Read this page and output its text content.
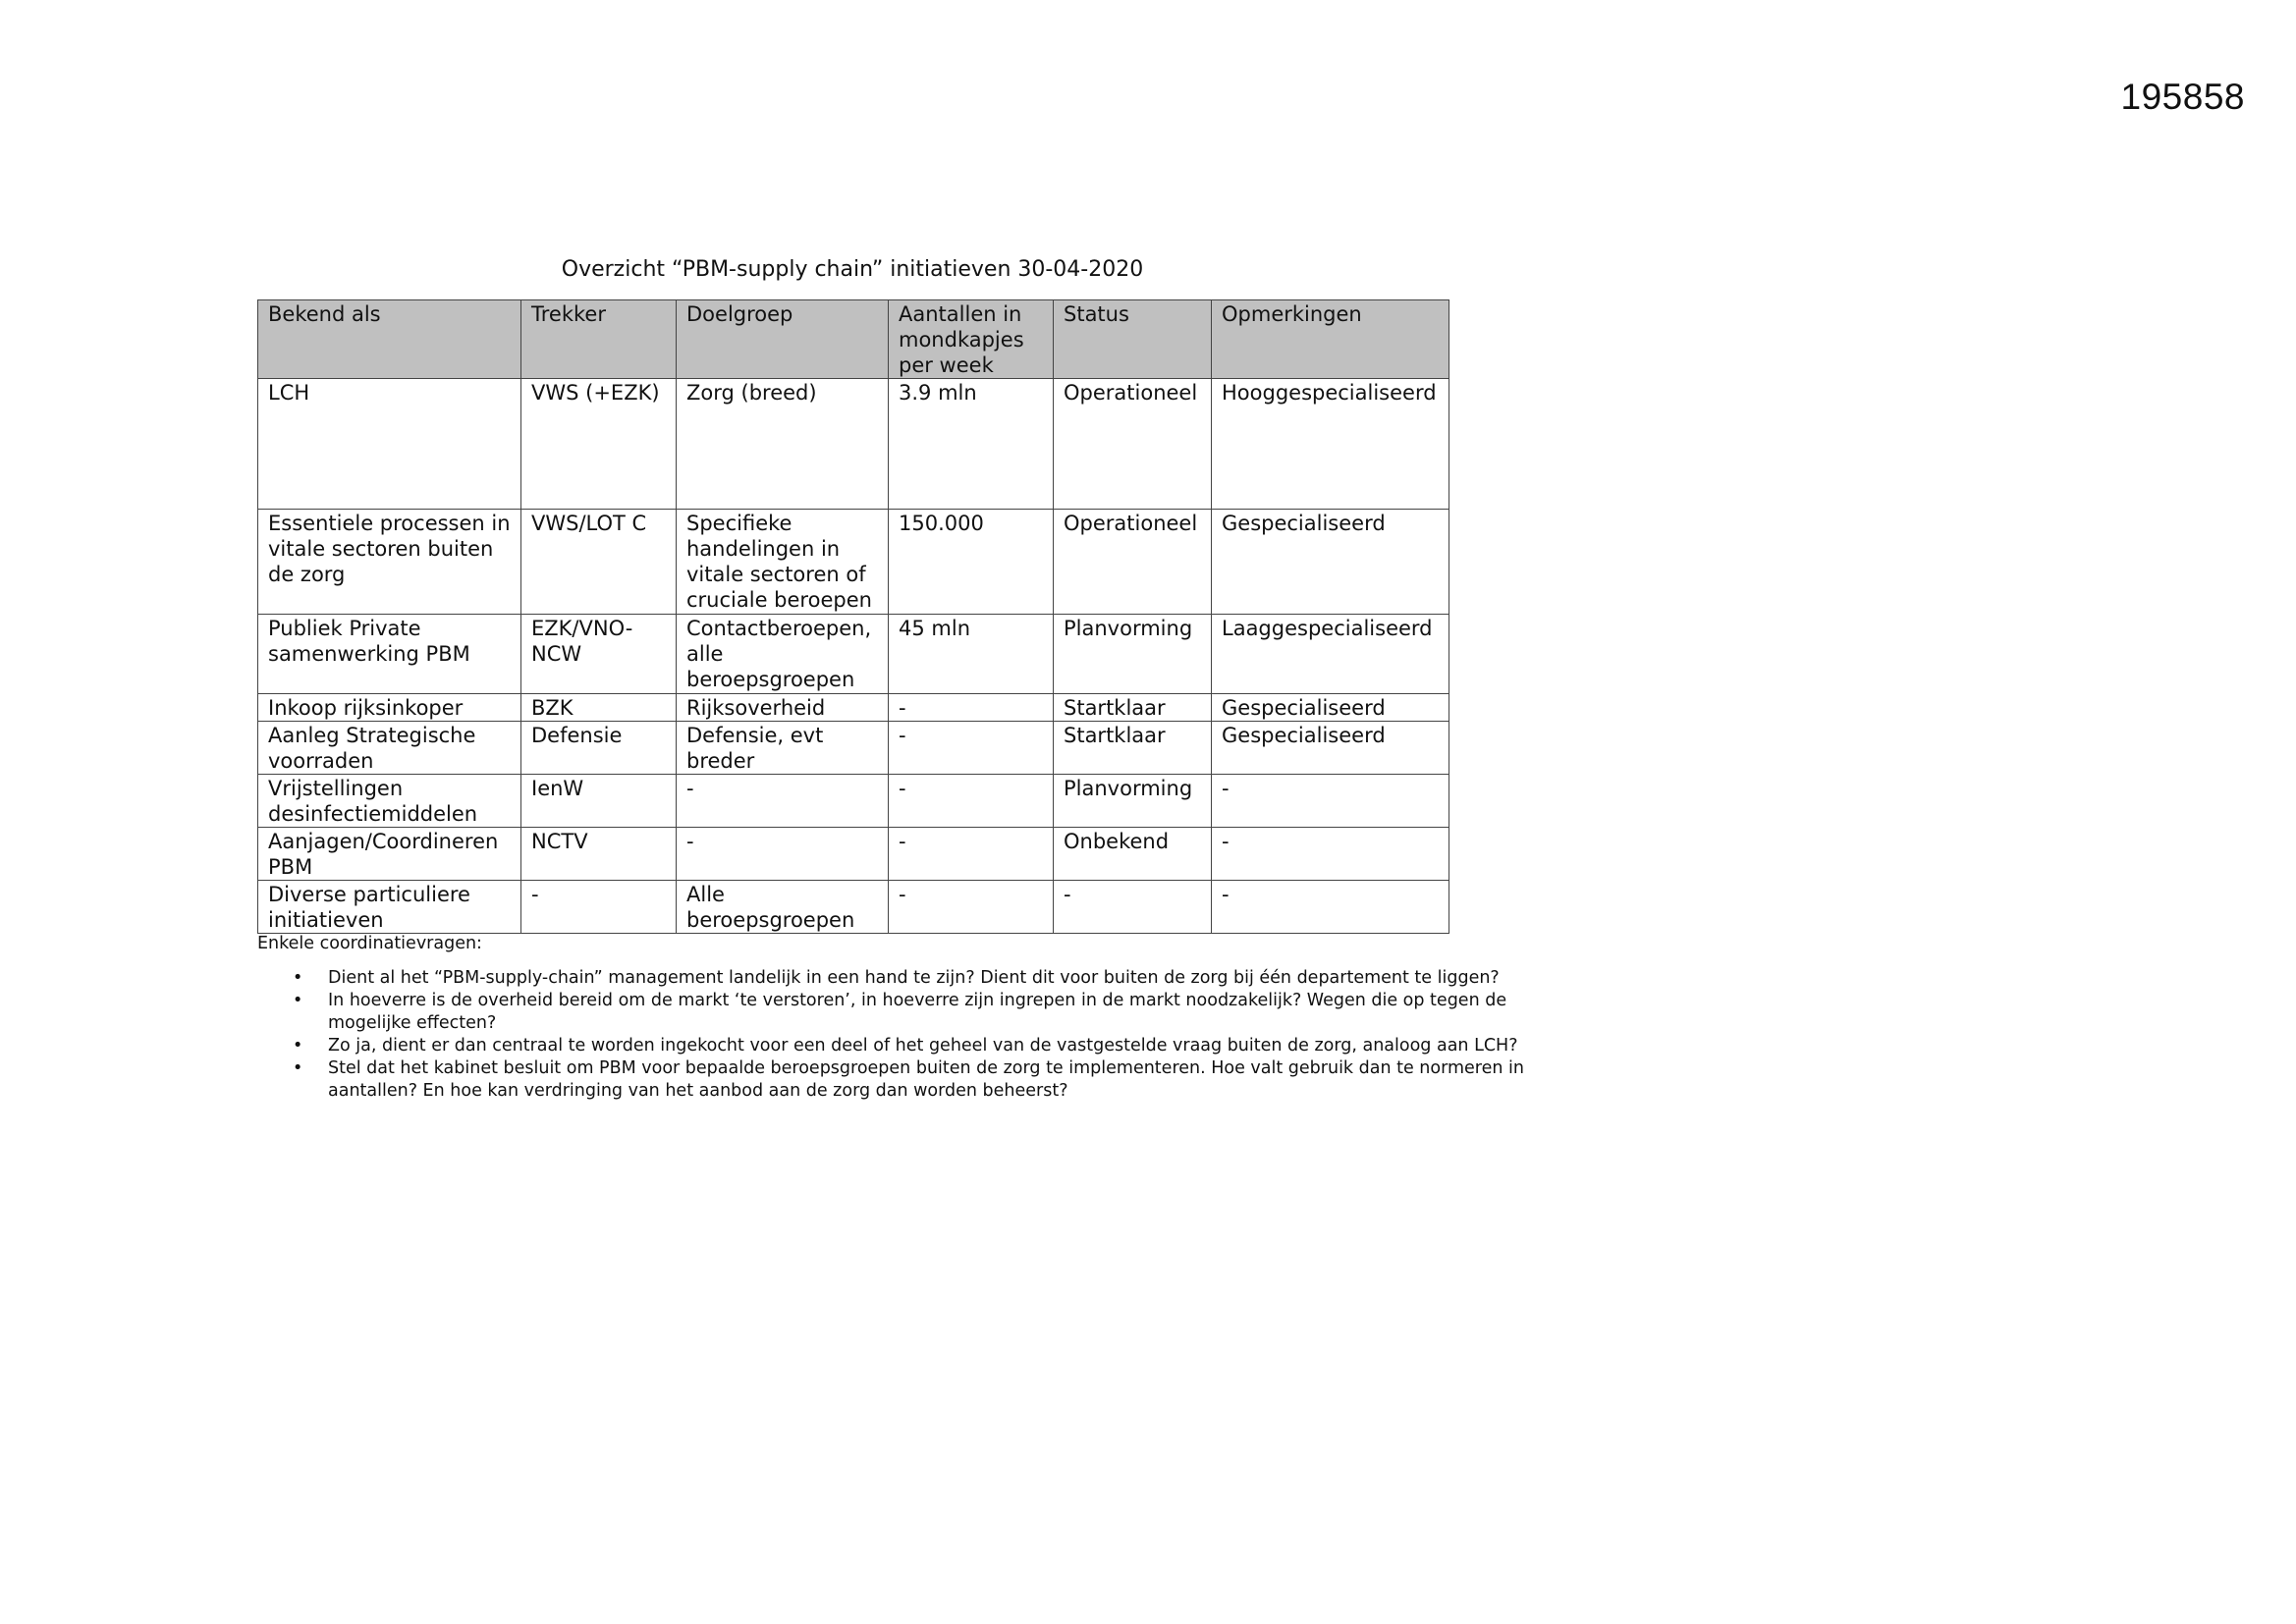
195858
Overzicht “PBM-supply chain” initiatieven 30-04-2020
Bekend als	Trekker	Doelgroep	Aantallen in mondkapjes per week	Status	Opmerkingen
LCH	VWS (+EZK)	Zorg (breed)	3.9 mln	Operationeel	Hooggespecialiseerd
Essentiele processen in vitale sectoren buiten de zorg	VWS/LOT C	Specifieke handelingen in vitale sectoren of cruciale beroepen	150.000	Operationeel	Gespecialiseerd
Publiek Private samenwerking PBM	EZK/VNO-NCW	Contactberoepen, alle beroepsgroepen	45 mln	Planvorming	Laaggespecialiseerd
Inkoop rijksinkoper	BZK	Rijksoverheid	-	Startklaar	Gespecialiseerd
Aanleg Strategische voorraden	Defensie	Defensie, evt breder	-	Startklaar	Gespecialiseerd
Vrijstellingen desinfectiemiddelen	IenW	-	-	Planvorming	-
Aanjagen/Coordineren PBM	NCTV	-	-	Onbekend	-
Diverse particuliere initiatieven	-	Alle beroepsgroepen	-	-	-

Enkele coordinatievragen:

• Dient al het “PBM-supply-chain” management landelijk in een hand te zijn? Dient dit voor buiten de zorg bij één departement te liggen?
• In hoeverre is de overheid bereid om de markt ‘te verstoren’, in hoeverre zijn ingrepen in de markt noodzakelijk? Wegen die op tegen de mogelijke effecten?
• Zo ja, dient er dan centraal te worden ingekocht voor een deel of het geheel van de vastgestelde vraag buiten de zorg, analoog aan LCH?
• Stel dat het kabinet besluit om PBM voor bepaalde beroepsgroepen buiten de zorg te implementeren. Hoe valt gebruik dan te normeren in aantallen? En hoe kan verdringing van het aanbod aan de zorg dan worden beheerst?
